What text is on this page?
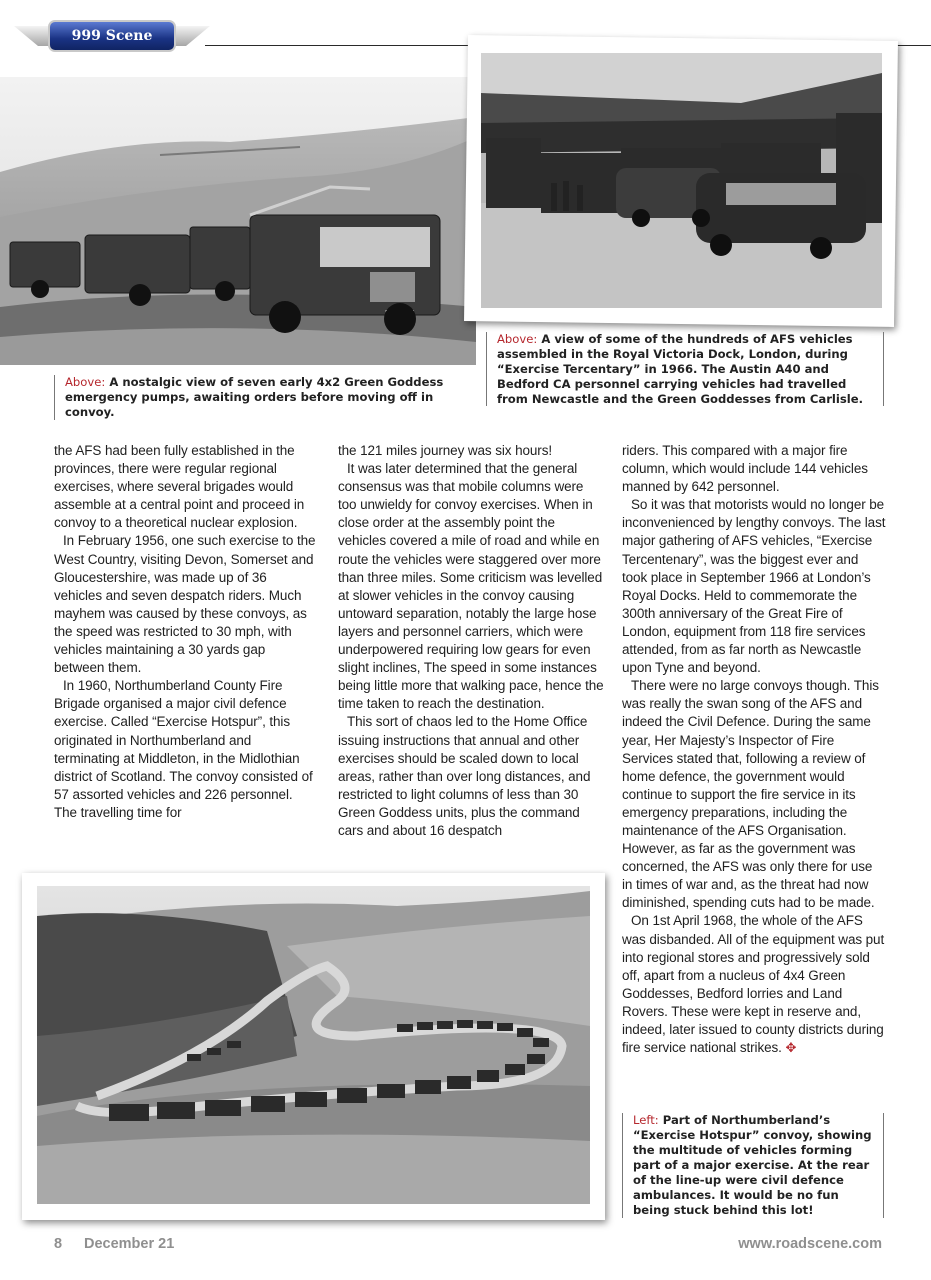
999 Scene
Above: A nostalgic view of seven early 4x2 Green Goddess emergency pumps, awaiting orders before moving off in convoy.
Above: A view of some of the hundreds of AFS vehicles assembled in the Royal Victoria Dock, London, during “Exercise Tercentary” in 1966. The Austin A40 and Bedford CA personnel carrying vehicles had travelled from Newcastle and the Green Goddesses from Carlisle.

the AFS had been fully established in the provinces, there were regular regional exercises, where several brigades would assemble at a central point and proceed in convoy to a theoretical nuclear explosion.

In February 1956, one such exercise to the West Country, visiting Devon, Somerset and Gloucestershire, was made up of 36 vehicles and seven despatch riders. Much mayhem was caused by these convoys, as the speed was restricted to 30 mph, with vehicles maintaining a 30 yards gap between them.

In 1960, Northumberland County Fire Brigade organised a major civil defence exercise. Called “Exercise Hotspur”, this originated in Northumberland and terminating at Middleton, in the Midlothian district of Scotland. The convoy consisted of 57 assorted vehicles and 226 personnel. The travelling time for

the 121 miles journey was six hours!

It was later determined that the general consensus was that mobile columns were too unwieldy for convoy exercises. When in close order at the assembly point the vehicles covered a mile of road and while en route the vehicles were staggered over more than three miles. Some criticism was levelled at slower vehicles in the convoy causing untoward separation, notably the large hose layers and personnel carriers, which were underpowered requiring low gears for even slight inclines, The speed in some instances being little more that walking pace, hence the time taken to reach the destination.

This sort of chaos led to the Home Office issuing instructions that annual and other exercises should be scaled down to local areas, rather than over long distances, and restricted to light columns of less than 30 Green Goddess units, plus the command cars and about 16 despatch

riders. This compared with a major fire column, which would include 144 vehicles manned by 642 personnel.

So it was that motorists would no longer be inconvenienced by lengthy convoys. The last major gathering of AFS vehicles, “Exercise Tercentenary”, was the biggest ever and took place in September 1966 at London’s Royal Docks. Held to commemorate the 300th anniversary of the Great Fire of London, equipment from 118 fire services attended, from as far north as Newcastle upon Tyne and beyond.

There were no large convoys though. This was really the swan song of the AFS and indeed the Civil Defence. During the same year, Her Majesty’s Inspector of Fire Services stated that, following a review of home defence, the government would continue to support the fire service in its emergency preparations, including the maintenance of the AFS Organisation. However, as far as the government was concerned, the AFS was only there for use in times of war and, as the threat had now diminished, spending cuts had to be made.

On 1st April 1968, the whole of the AFS was disbanded. All of the equipment was put into regional stores and progressively sold off, apart from a nucleus of 4x4 Green Goddesses, Bedford lorries and Land Rovers. These were kept in reserve and, indeed, later issued to county districts during fire service national strikes. ✥

Left: Part of Northumberland’s “Exercise Hotspur” convoy, showing the multitude of vehicles forming part of a major exercise. At the rear of the line-up were civil defence ambulances. It would be no fun being stuck behind this lot!
8 December 21	www.roadscene.com
